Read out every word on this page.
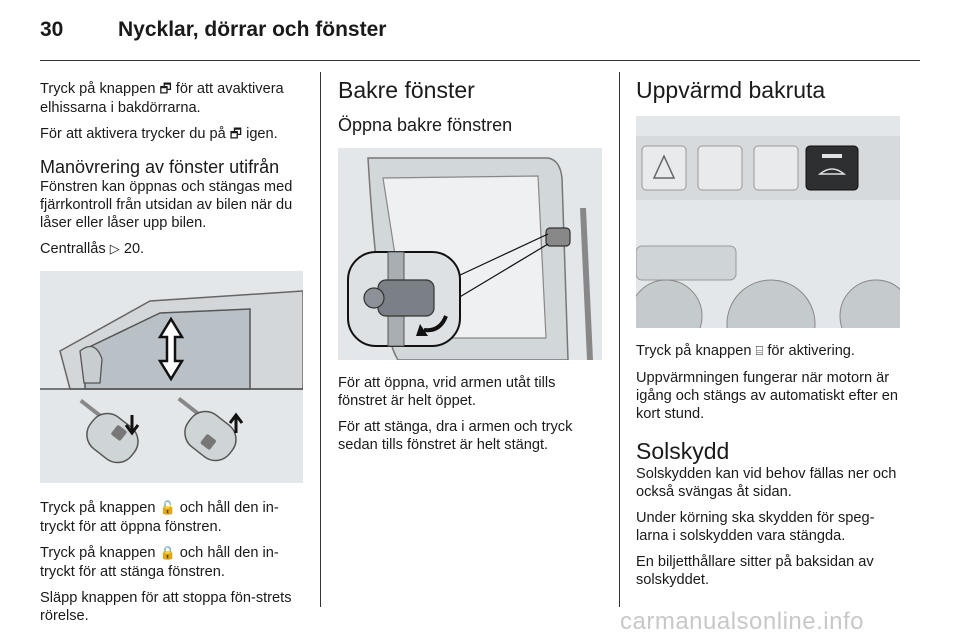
30	Nycklar, dörrar och fönster

Tryck på knappen 🗗 för att avaktivera elhissarna i bakdörrarna.

För att aktivera trycker du på 🗗 igen.

Manövrering av fönster utifrån

Fönstren kan öppnas och stängas med fjärrkontroll från utsidan av bilen när du låser eller låser upp bilen.

Centrallås ▷ 20.

Tryck på knappen 🔓 och håll den in-tryckt för att öppna fönstren.

Tryck på knappen 🔒 och håll den in-tryckt för att stänga fönstren.

Släpp knappen för att stoppa fön-strets rörelse.

Bakre fönster
Öppna bakre fönstren

För att öppna, vrid armen utåt tills fönstret är helt öppet.

För att stänga, dra i armen och tryck sedan tills fönstret är helt stängt.

Uppvärmd bakruta

Tryck på knappen ⌸ för aktivering.

Uppvärmningen fungerar när motorn är igång och stängs av automatiskt efter en kort stund.

Solskydd

Solskydden kan vid behov fällas ner och också svängas åt sidan.

Under körning ska skydden för speg-larna i solskydden vara stängda.

En biljetthållare sitter på baksidan av solskyddet.

carmanualsonline.info
